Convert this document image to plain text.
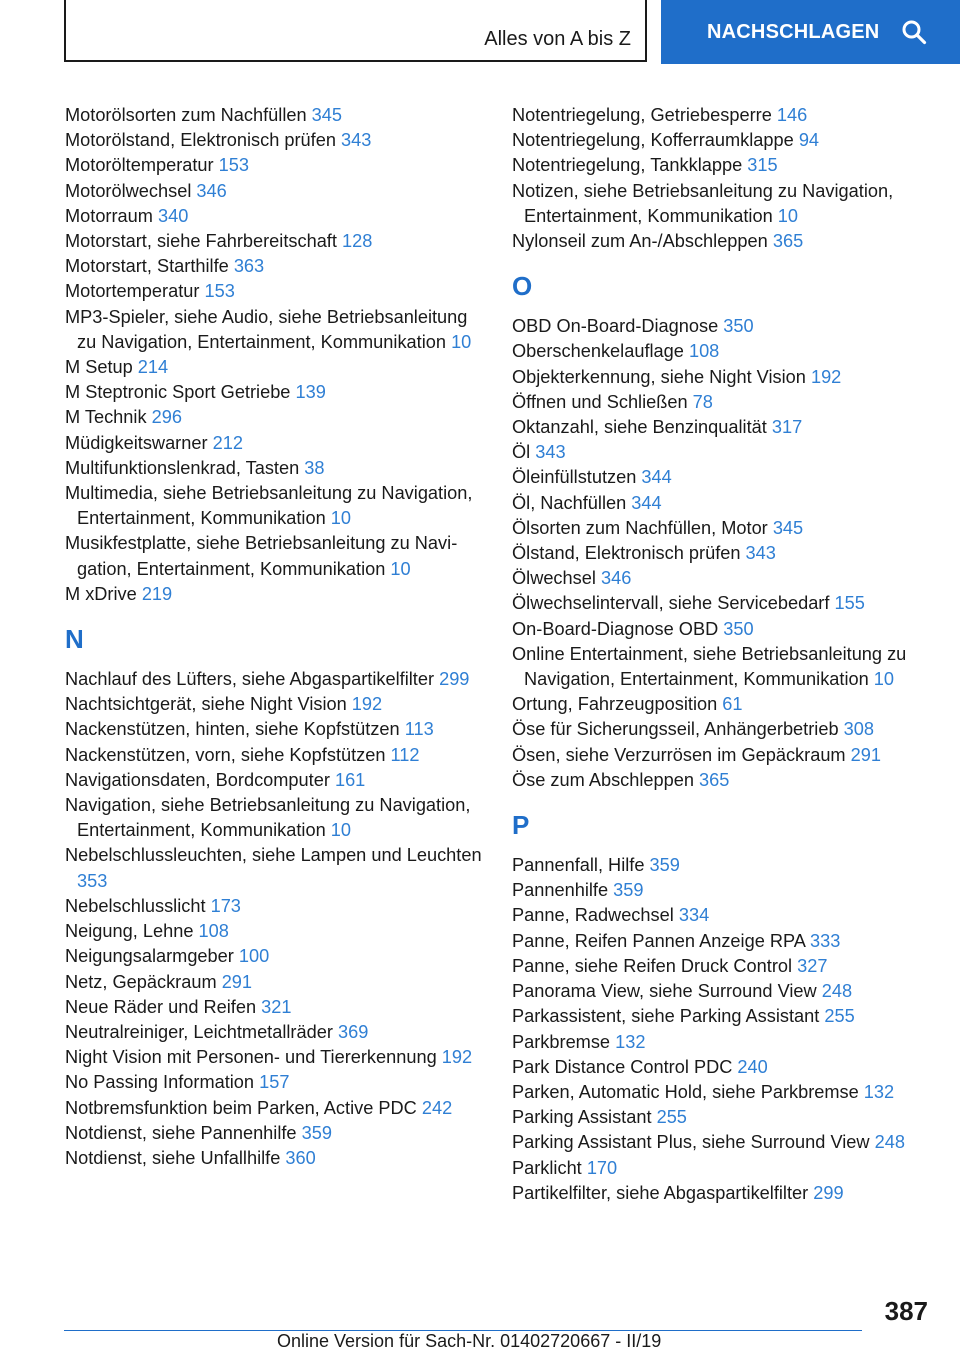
Alles von A bis Z	NACHSCHLAGEN
Motorölsorten zum Nachfüllen 345
Motorölstand, Elektronisch prüfen 343
Motoröltemperatur 153
Motorölwechsel 346
Motorraum 340
Motorstart, siehe Fahrbereitschaft 128
Motorstart, Starthilfe 363
Motortemperatur 153
MP3-Spieler, siehe Audio, siehe Betriebsanleitung zu Navigation, Entertainment, Kommunikation 10
M Setup 214
M Steptronic Sport Getriebe 139
M Technik 296
Müdigkeitswarner 212
Multifunktionslenkrad, Tasten 38
Multimedia, siehe Betriebsanleitung zu Navigation, Entertainment, Kommunikation 10
Musikfestplatte, siehe Betriebsanleitung zu Navigation, Entertainment, Kommunikation 10
M xDrive 219
N
Nachlauf des Lüfters, siehe Abgaspartikelfilter 299
Nachtsichtgerät, siehe Night Vision 192
Nackenstützen, hinten, siehe Kopfstützen 113
Nackenstützen, vorn, siehe Kopfstützen 112
Navigationsdaten, Bordcomputer 161
Navigation, siehe Betriebsanleitung zu Navigation, Entertainment, Kommunikation 10
Nebelschlussleuchten, siehe Lampen und Leuchten 353
Nebelschlusslicht 173
Neigung, Lehne 108
Neigungsalarmgeber 100
Netz, Gepäckraum 291
Neue Räder und Reifen 321
Neutralreiniger, Leichtmetallräder 369
Night Vision mit Personen- und Tiererkennung 192
No Passing Information 157
Notbremsfunktion beim Parken, Active PDC 242
Notdienst, siehe Pannenhilfe 359
Notdienst, siehe Unfallhilfe 360
Notentriegelung, Getriebesperre 146
Notentriegelung, Kofferraumklappe 94
Notentriegelung, Tankklappe 315
Notizen, siehe Betriebsanleitung zu Navigation, Entertainment, Kommunikation 10
Nylonseil zum An-/Abschleppen 365
O
OBD On-Board-Diagnose 350
Oberschenkelauflage 108
Objekterkennung, siehe Night Vision 192
Öffnen und Schließen 78
Oktanzahl, siehe Benzinqualität 317
Öl 343
Öleinfüllstutzen 344
Öl, Nachfüllen 344
Ölsorten zum Nachfüllen, Motor 345
Ölstand, Elektronisch prüfen 343
Ölwechsel 346
Ölwechselintervall, siehe Servicebedarf 155
On-Board-Diagnose OBD 350
Online Entertainment, siehe Betriebsanleitung zu Navigation, Entertainment, Kommunikation 10
Ortung, Fahrzeugposition 61
Öse für Sicherungsseil, Anhängerbetrieb 308
Ösen, siehe Verzurrösen im Gepäckraum 291
Öse zum Abschleppen 365
P
Pannenfall, Hilfe 359
Pannenhilfe 359
Panne, Radwechsel 334
Panne, Reifen Pannen Anzeige RPA 333
Panne, siehe Reifen Druck Control 327
Panorama View, siehe Surround View 248
Parkassistent, siehe Parking Assistant 255
Parkbremse 132
Park Distance Control PDC 240
Parken, Automatic Hold, siehe Parkbremse 132
Parking Assistant 255
Parking Assistant Plus, siehe Surround View 248
Parklicht 170
Partikelfilter, siehe Abgaspartikelfilter 299
387
Online Version für Sach-Nr. 01402720667 - II/19
